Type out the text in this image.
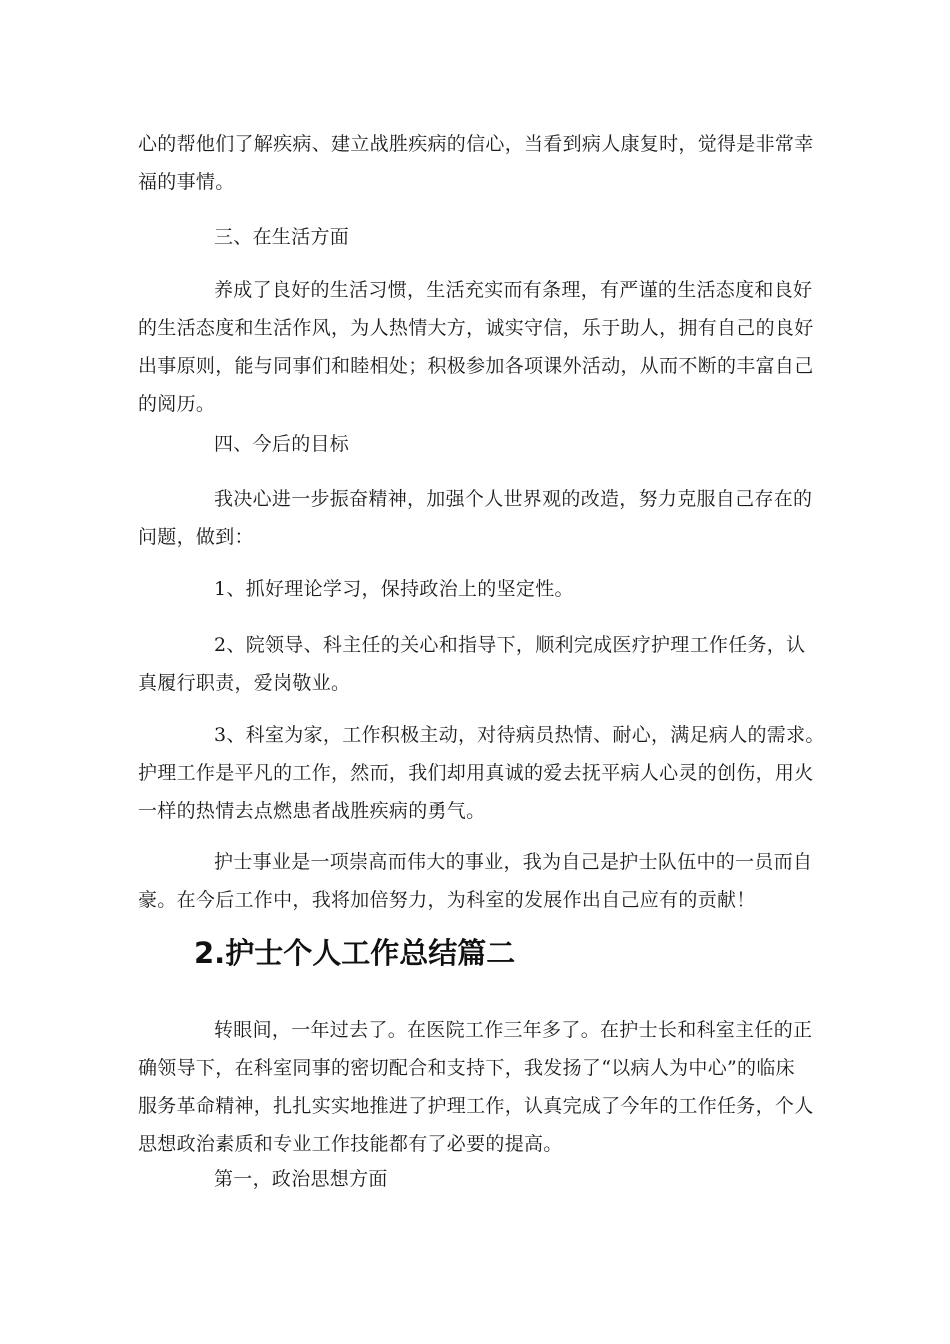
心的帮他们了解疾病、建立战胜疾病的信心，当看到病人康复时，觉得是非常幸
福的事情。

三、在生活方面

养成了良好的生活习惯，生活充实而有条理，有严谨的生活态度和良好
的生活态度和生活作风，为人热情大方，诚实守信，乐于助人，拥有自己的良好
出事原则，能与同事们和睦相处；积极参加各项课外活动，从而不断的丰富自己
的阅历。

四、今后的目标

我决心进一步振奋精神，加强个人世界观的改造，努力克服自己存在的
问题，做到：

1、抓好理论学习，保持政治上的坚定性。

2、院领导、科主任的关心和指导下，顺利完成医疗护理工作任务，认
真履行职责，爱岗敬业。

3、科室为家，工作积极主动，对待病员热情、耐心，满足病人的需求。
护理工作是平凡的工作，然而，我们却用真诚的爱去抚平病人心灵的创伤，用火
一样的热情去点燃患者战胜疾病的勇气。

护士事业是一项崇高而伟大的事业，我为自己是护士队伍中的一员而自
豪。在今后工作中，我将加倍努力，为科室的发展作出自己应有的贡献！

2.护士个人工作总结篇二

转眼间，一年过去了。在医院工作三年多了。在护士长和科室主任的正
确领导下，在科室同事的密切配合和支持下，我发扬了“以病人为中心”的临床
服务革命精神，扎扎实实地推进了护理工作，认真完成了今年的工作任务，个人
思想政治素质和专业工作技能都有了必要的提高。

第一，政治思想方面
